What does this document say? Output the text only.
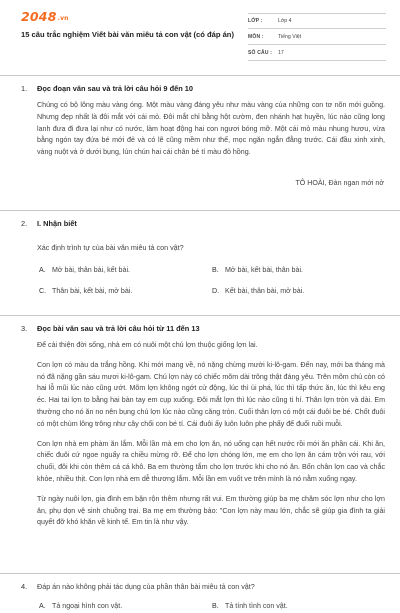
2048.vn
15 câu trắc nghiệm Viết bài văn miêu tả con vật (có đáp án)
LỚP :	Lớp 4
MÔN :	Tiếng Việt
SỐ CÂU :	17
1. Đọc đoạn văn sau và trả lời câu hỏi 9 đến 10

Chúng có bộ lông màu vàng óng. Một màu vàng đáng yêu như màu vàng của những con tơ nõn mới guồng. Nhưng đẹp nhất là đôi mắt với cái mỏ. Đôi mắt chỉ bằng hột cườm, đen nhánh hạt huyền, lúc nào cũng long lanh đưa đi đưa lại như có nước, làm hoạt động hai con ngươi bóng mỡ. Một cái mỏ màu nhung hươu, vừa bằng ngón tay đứa bé mới đẻ và có lẽ cũng mềm như thế, mọc ngăn ngắn đằng trước. Cái đầu xinh xinh, vàng nuột và ở dưới bụng, lún chún hai cái chân bé tí màu đỏ hồng.

TÔ HOÀI, Đàn ngan mới nở
2. I. Nhận biết
Xác định trình tự của bài văn miêu tả con vật?
A. Mở bài, thân bài, kết bài.	B. Mở bài, kết bài, thân bài.
C. Thân bài, kết bài, mở bài.	D. Kết bài, thân bài, mở bài.
3. Đọc bài văn sau và trả lời câu hỏi từ 11 đến 13

Để cải thiện đời sống, nhà em có nuôi một chú lợn thuộc giống lợn lai.

Con lợn có màu da trắng hồng. Khi mới mang về, nó nặng chừng mười ki-lô-gam. Đến nay, mới ba tháng mà nó đã nặng gần sáu mươi ki-lô-gam. Chú lợn này có chiếc mõm dài trông thật đáng yêu. Trên mõm chú còn có hai lỗ mũi lúc nào cũng ướt. Mõm lợn không ngớt cử động, lúc thì ủi phá, lúc thì tấp thức ăn, lúc thì kêu eng éc. Hai tai lợn to bằng hai bàn tay em cụp xuống. Đôi mắt lợn thì lúc nào cũng ti hí. Thân lợn tròn và dài. Em thường cho nó ăn no nên bụng chú lợn lúc nào cũng căng tròn. Cuối thân lợn có một cái đuôi be bé. Chốt đuôi có một chùm lông trông như cây chổi con bé tí. Cái đuôi ấy luôn luôn phe phẩy để đuổi ruồi muỗi.

Con lợn nhà em phàm ăn lắm. Mỗi lần mà em cho lợn ăn, nó uống cạn hết nước rồi mới ăn phần cái. Khi ăn, chiếc đuôi cứ ngoe nguẩy ra chiều mừng rỡ. Để cho lợn chóng lớn, mẹ em cho lợn ăn cám trộn với rau, với chuối, đôi khi còn thêm cá cá khô. Ba em thường tắm cho lợn trước khi cho nó ăn. Bốn chân lợn cao và chắc khỏe, nhiều thịt. Con lợn nhà em dễ thương lắm. Mỗi lần em vuốt ve trên mình là nó nằm xuống ngay.

Từ ngày nuôi lợn, gia đình em bận rộn thêm nhưng rất vui. Em thường giúp ba mẹ chăm sóc lợn như cho lợn ăn, phụ dọn vệ sinh chuồng trại. Ba mẹ em thường bảo: "Con lợn này mau lớn, chắc sẽ giúp gia đình ta giải quyết đỡ khó khăn về kinh tế. Em tin là như vậy.

4. Đáp án nào không phải tác dụng của phần thân bài miêu tả con vật?
A. Tả ngoại hình con vật.	B. Tả tính tình con vật.
